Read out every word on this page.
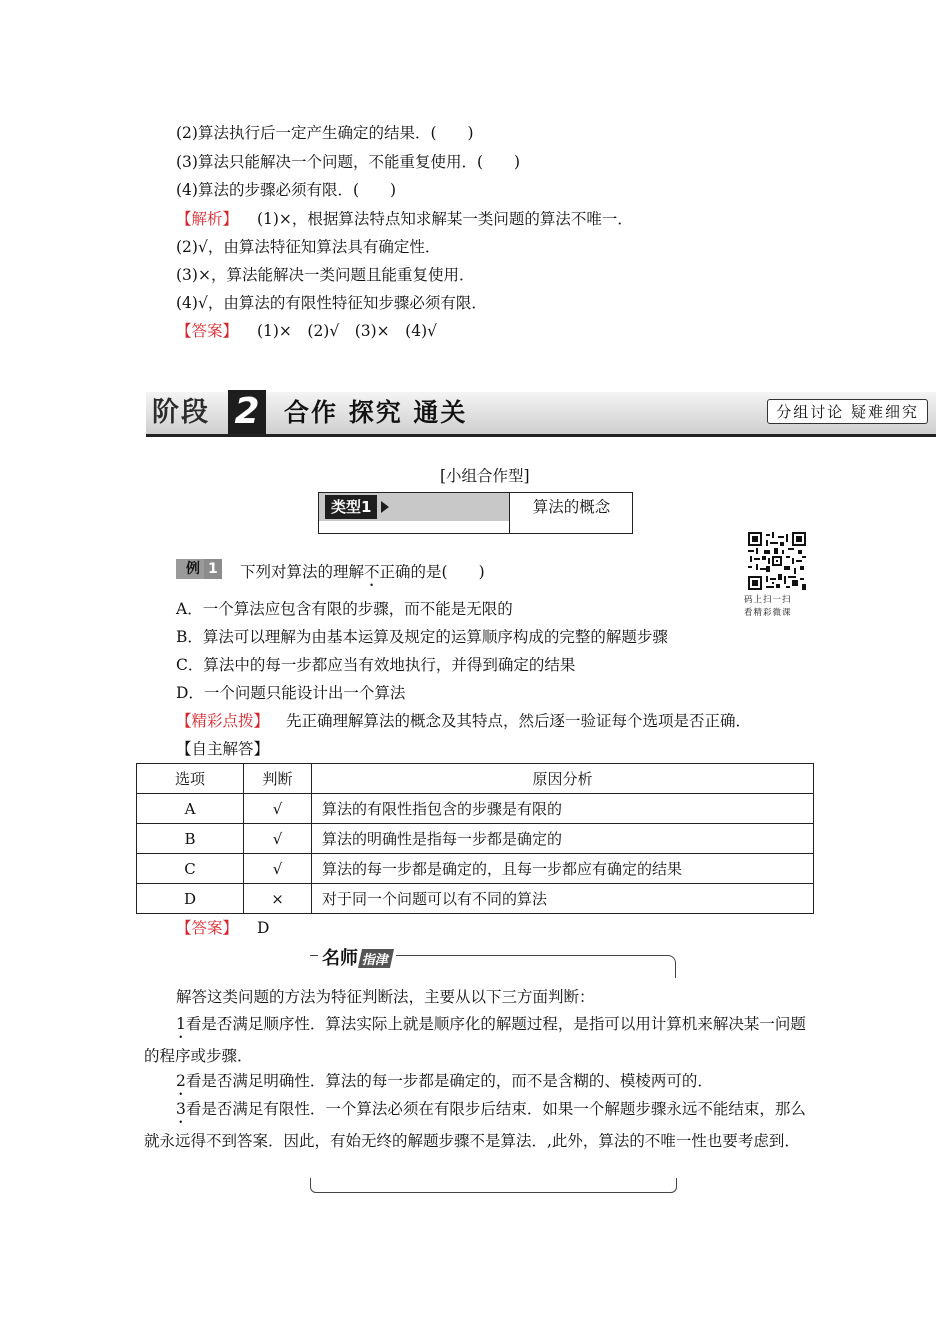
(2)算法执行后一定产生确定的结果．(　　)
(3)算法只能解决一个问题，不能重复使用．(　　)
(4)算法的步骤必须有限．(　　)
【解析】 (1)×，根据算法特点知求解某一类问题的算法不唯一．
(2)√，由算法特征知算法具有确定性．
(3)×，算法能解决一类问题且能重复使用．
(4)√，由算法的有限性特征知步骤必须有限．
【答案】 (1)×　(2)√　(3)×　(4)√
阶段 2 合作 探究 通关	分组讨论 疑难细究
[小组合作型]
类型1	算法的概念
例 1 下列对算法的理解不正确的是(　　)
码上扫一扫
看精彩微课
A．一个算法应包含有限的步骤，而不能是无限的
B．算法可以理解为由基本运算及规定的运算顺序构成的完整的解题步骤
C．算法中的每一步都应当有效地执行，并得到确定的结果
D．一个问题只能设计出一个算法
【精彩点拨】 先正确理解算法的概念及其特点，然后逐一验证每个选项是否正确．
【自主解答】
选项	判断	原因分析
A	√	算法的有限性指包含的步骤是有限的
B	√	算法的明确性是指每一步都是确定的
C	√	算法的每一步都是确定的，且每一步都应有确定的结果
D	×	对于同一个问题可以有不同的算法
【答案】 D
名师 指津
解答这类问题的方法为特征判断法，主要从以下三方面判断：
1看是否满足顺序性．算法实际上就是顺序化的解题过程，是指可以用计算机来解决某一问题的程序或步骤．
2看是否满足明确性．算法的每一步都是确定的，而不是含糊的、模棱两可的．
3看是否满足有限性．一个算法必须在有限步后结束．如果一个解题步骤永远不能结束，那么就永远得不到答案．因此，有始无终的解题步骤不是算法．,此外，算法的不唯一性也要考虑到．
